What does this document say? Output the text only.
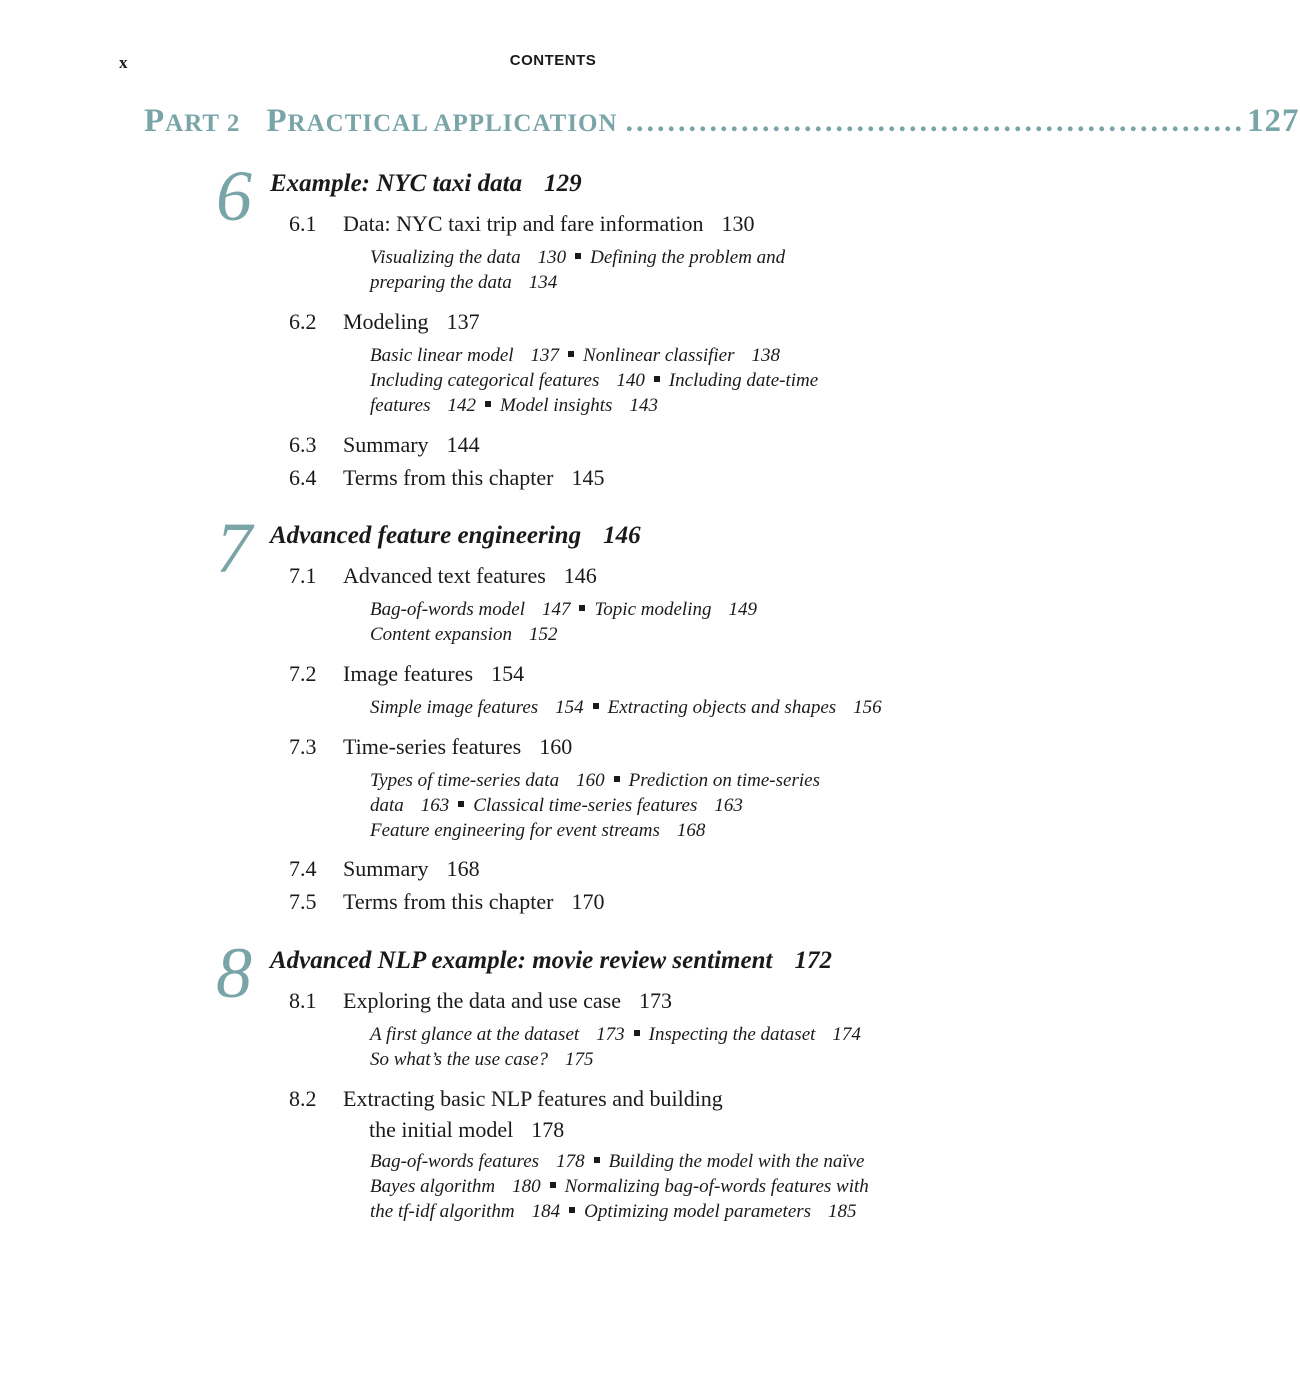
x	CONTENTS
PART 2 PRACTICAL APPLICATION ........................................................... 127
6 Example: NYC taxi data 129
6.1 Data: NYC taxi trip and fare information 130
Visualizing the data 130 Defining the problem and
preparing the data 134
6.2 Modeling 137
Basic linear model 137 Nonlinear classifier 138
Including categorical features 140 Including date-time
features 142 Model insights 143
6.3 Summary 144
6.4 Terms from this chapter 145
7 Advanced feature engineering 146
7.1 Advanced text features 146
Bag-of-words model 147 Topic modeling 149
Content expansion 152
7.2 Image features 154
Simple image features 154 Extracting objects and shapes 156
7.3 Time-series features 160
Types of time-series data 160 Prediction on time-series
data 163 Classical time-series features 163
Feature engineering for event streams 168
7.4 Summary 168
7.5 Terms from this chapter 170
8 Advanced NLP example: movie review sentiment 172
8.1 Exploring the data and use case 173
A first glance at the dataset 173 Inspecting the dataset 174
So what’s the use case? 175
8.2 Extracting basic NLP features and building
the initial model 178
Bag-of-words features 178 Building the model with the naïve
Bayes algorithm 180 Normalizing bag-of-words features with
the tf-idf algorithm 184 Optimizing model parameters 185
